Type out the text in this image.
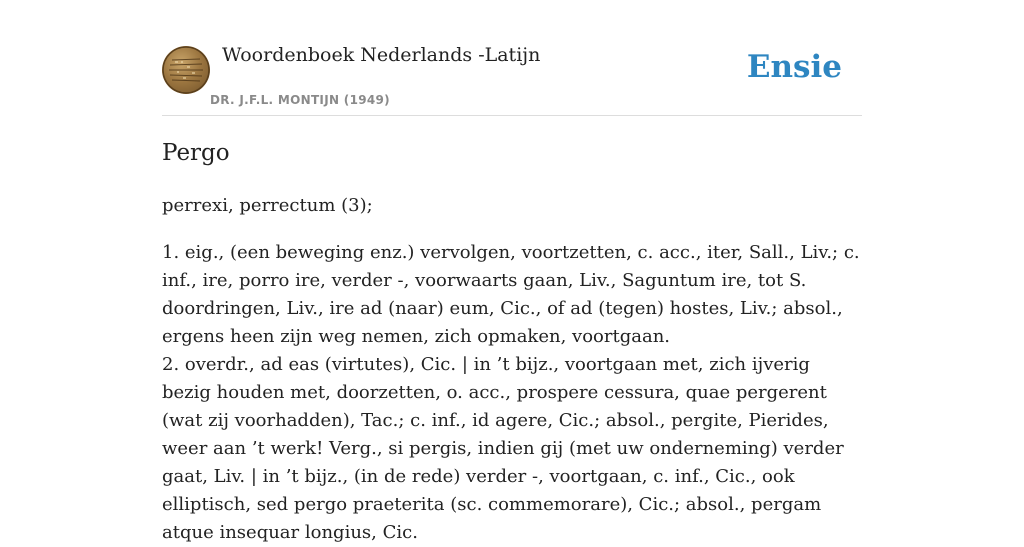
Woordenboek Nederlands -Latijn
DR. J.F.L. MONTIJN (1949)
Ensie
Pergo

perrexi, perrectum (3);

1. eig., (een beweging enz.) vervolgen, voortzetten, c. acc., iter, Sall., Liv.; c. inf., ire, porro ire, verder -, voorwaarts gaan, Liv., Saguntum ire, tot S. doordringen, Liv., ire ad (naar) eum, Cic., of ad (tegen) hostes, Liv.; absol., ergens heen zijn weg nemen, zich opmaken, voortgaan.

2. overdr., ad eas (virtutes), Cic. | in ’t bijz., voortgaan met, zich ijverig bezig houden met, doorzetten, o. acc., prospere cessura, quae pergerent (wat zij voorhadden), Tac.; c. inf., id agere, Cic.; absol., pergite, Pierides, weer aan ’t werk! Verg., si pergis, indien gij (met uw onderneming) verder gaat, Liv. | in ’t bijz., (in de rede) verder -, voortgaan, c. inf., Cic., ook elliptisch, sed pergo praeterita (sc. commemorare), Cic.; absol., pergam atque insequar longius, Cic.
